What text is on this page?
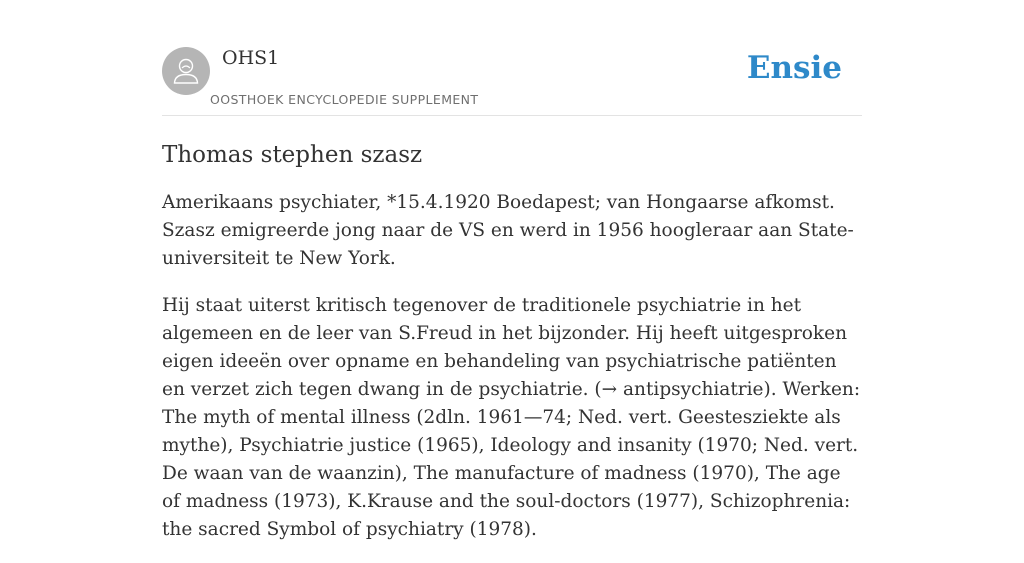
OHS1
OOSTHOEK ENCYCLOPEDIE SUPPLEMENT
Ensie
Thomas stephen szasz

Amerikaans psychiater, *15.4.1920 Boedapest; van Hongaarse afkomst. Szasz emigreerde jong naar de VS en werd in 1956 hoogleraar aan State-universiteit te New York.

Hij staat uiterst kritisch tegenover de traditionele psychiatrie in het algemeen en de leer van S.Freud in het bijzonder. Hij heeft uitgesproken eigen ideeën over opname en behandeling van psychiatrische patiënten en verzet zich tegen dwang in de psychiatrie. (→ antipsychiatrie). Werken: The myth of mental illness (2dln. 1961—74; Ned. vert. Geestesziekte als mythe), Psychiatrie justice (1965), Ideology and insanity (1970; Ned. vert. De waan van de waanzin), The manufacture of madness (1970), The age of madness (1973), K.Krause and the soul-doctors (1977), Schizophrenia: the sacred Symbol of psychiatry (1978).
